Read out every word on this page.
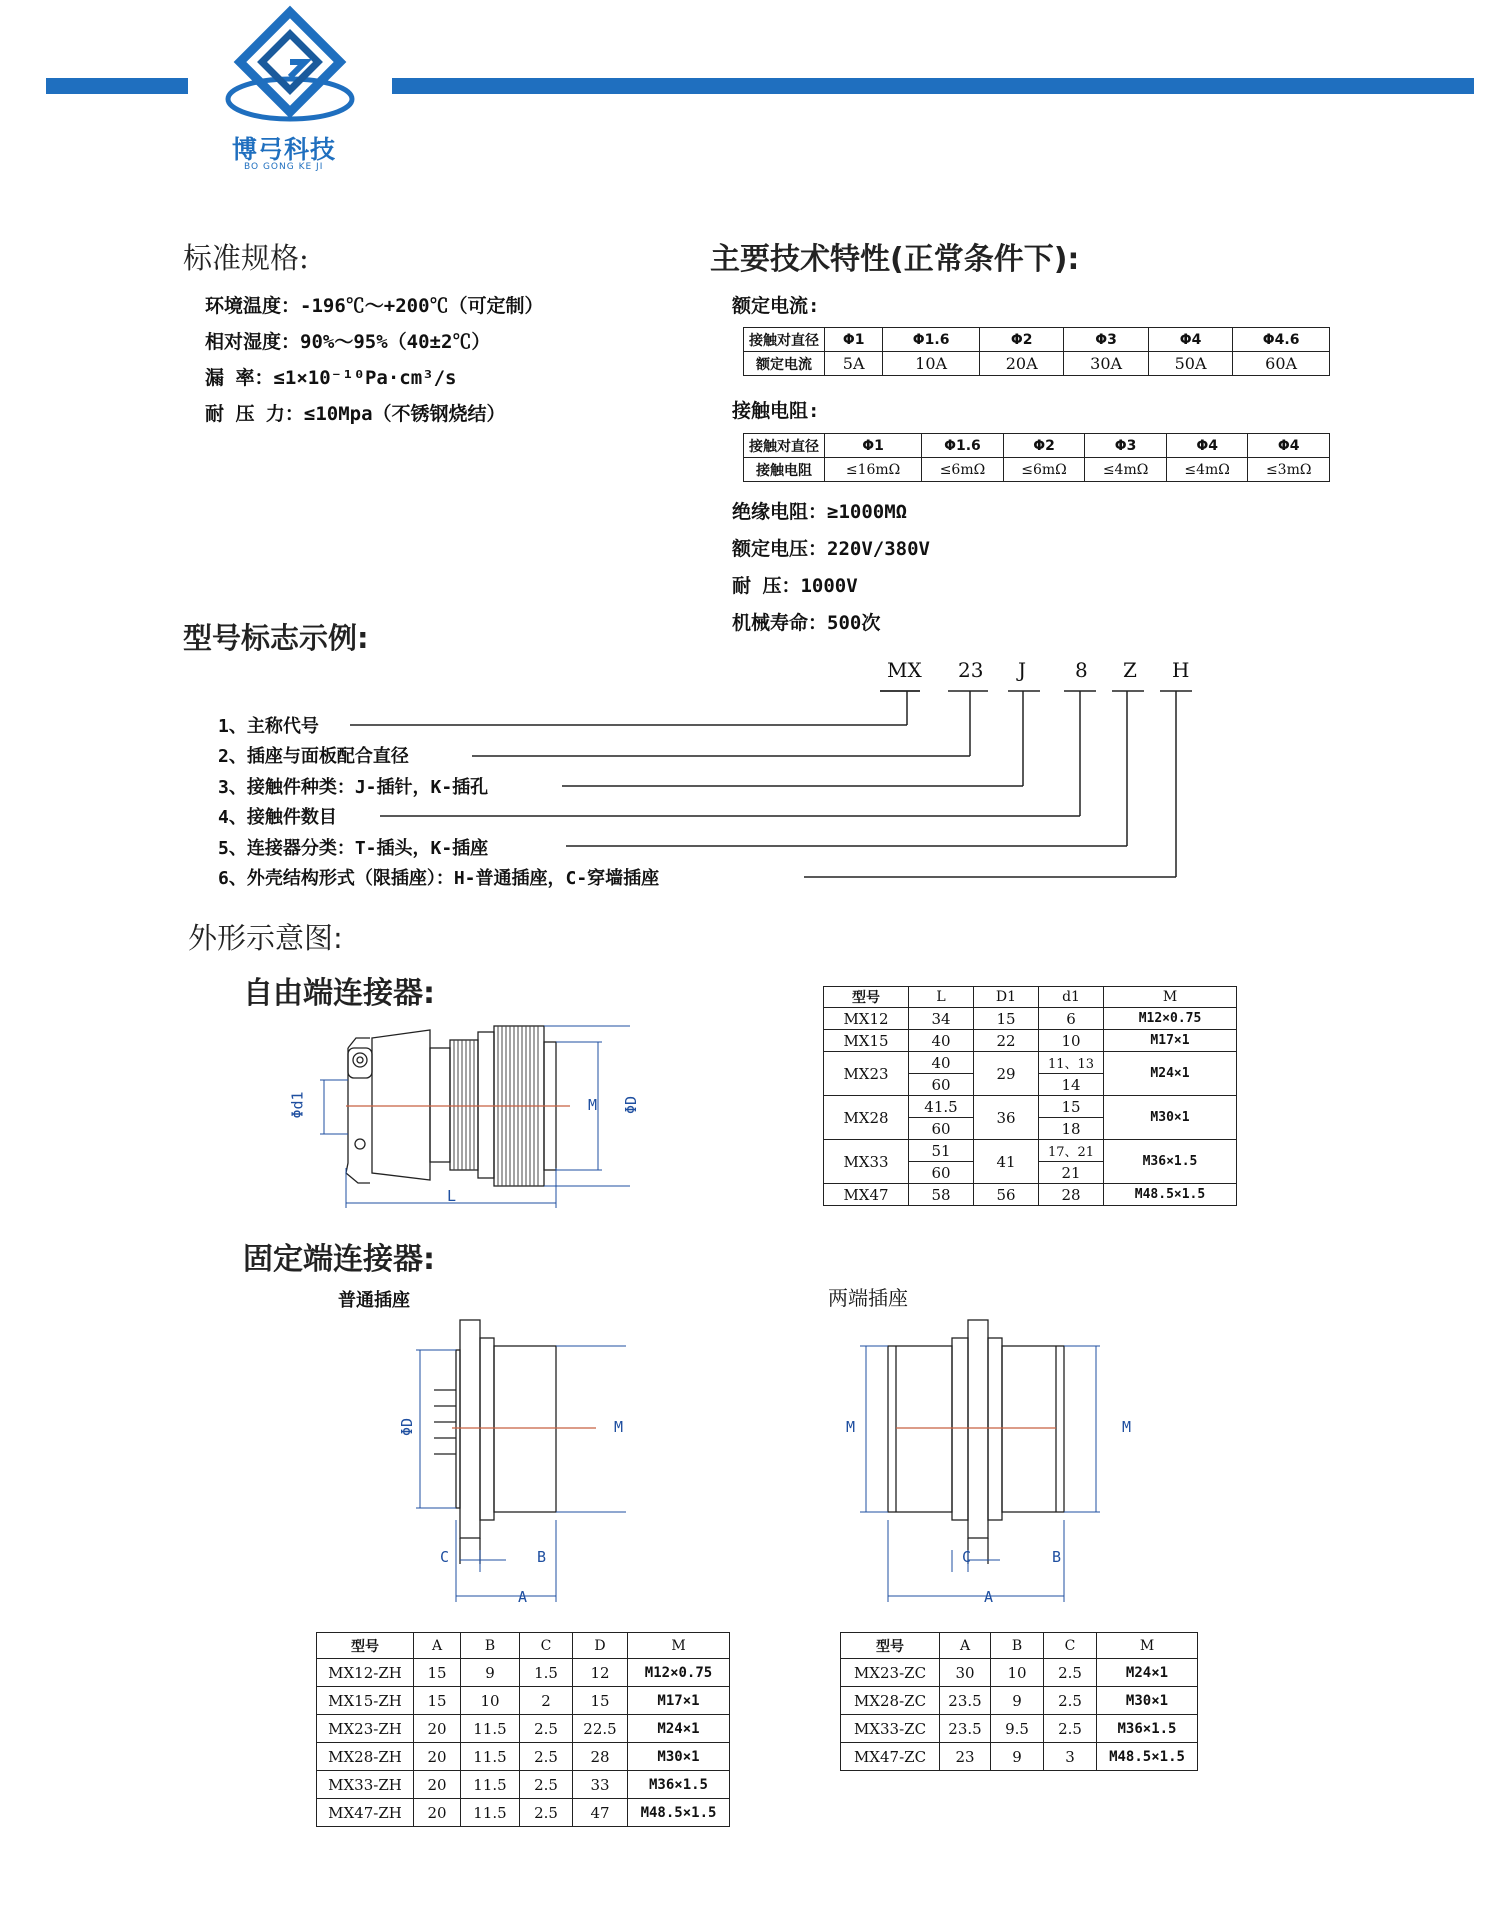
博弓科技
BO GONG KE JI
标准规格:
环境温度：-196℃～+200℃（可定制）
相对湿度：90%～95%（40±2℃）
漏 率：≤1×10⁻¹⁰Pa·cm³/s
耐 压 力：≤10Mpa（不锈钢烧结）
主要技术特性(正常条件下):
额定电流:
接触对直径	Φ1	Φ1.6	Φ2	Φ3	Φ4	Φ4.6
额定电流	5A	10A	20A	30A	50A	60A
接触电阻:
接触对直径	Φ1	Φ1.6	Φ2	Φ3	Φ4	Φ4
接触电阻	≤16mΩ	≤6mΩ	≤6mΩ	≤4mΩ	≤4mΩ	≤3mΩ
绝缘电阻：≥1000MΩ
额定电压：220V/380V
耐 压：1000V
机械寿命：500次
型号标志示例:
MX 23 J 8 Z H
1、主称代号
2、插座与面板配合直径
3、接触件种类：J-插针，K-插孔
4、接触件数目
5、连接器分类：T-插头，K-插座
6、外壳结构形式（限插座）：H-普通插座，C-穿墙插座
外形示意图:
自由端连接器:
Φd1	M ΦD
L
型号	L	D1	d1	M
MX12	34	15	6	M12×0.75
MX15	40	22	10	M17×1
MX23	40	29	11、13	M24×1
	60		14	
MX28	41.5	36	15	M30×1
	60		18	
MX33	51	41	17、21	M36×1.5
	60		21	
MX47	58	56	28	M48.5×1.5
固定端连接器:
普通插座	两端插座
ΦD	M
C	B
A
M	M
C	B
A
型号	A	B	C	D	M
MX12-ZH	15	9	1.5	12	M12×0.75
MX15-ZH	15	10	2	15	M17×1
MX23-ZH	20	11.5	2.5	22.5	M24×1
MX28-ZH	20	11.5	2.5	28	M30×1
MX33-ZH	20	11.5	2.5	33	M36×1.5
MX47-ZH	20	11.5	2.5	47	M48.5×1.5
型号	A	B	C	M
MX23-ZC	30	10	2.5	M24×1
MX28-ZC	23.5	9	2.5	M30×1
MX33-ZC	23.5	9.5	2.5	M36×1.5
MX47-ZC	23	9	3	M48.5×1.5
